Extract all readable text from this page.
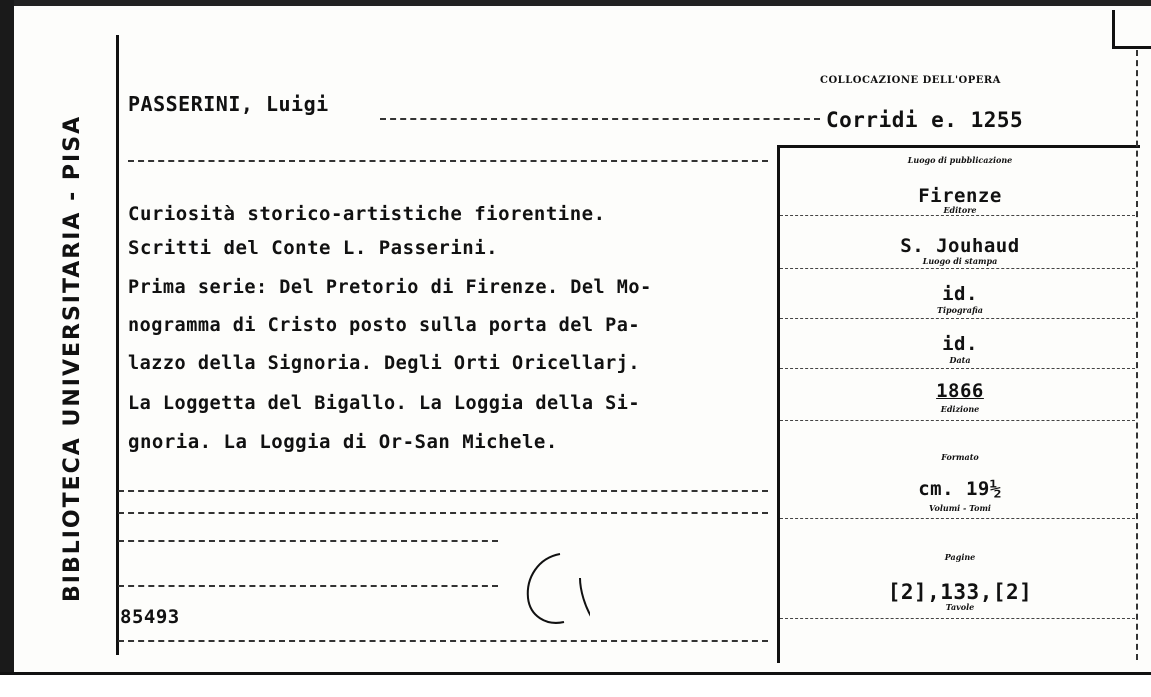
BIBLIOTECA UNIVERSITARIA - PISA
PASSERINI, Luigi
COLLOCAZIONE DELL'OPERA
Corridi e. 1255
Curiosità storico-artistiche fiorentine.
Scritti del Conte L. Passerini.
Prima serie: Del Pretorio di Firenze. Del Mo-
nogramma di Cristo posto sulla porta del Pa-
lazzo della Signoria. Degli Orti Oricellarj.
La Loggetta del Bigallo. La Loggia della Si-
gnoria. La Loggia di Or-San Michele.
85493
Luogo di pubblicazione
Firenze
Editore
S. Jouhaud
Luogo di stampa
id.
Tipografia
id.
Data
1866
Edizione
Formato
cm. 19½
Volumi - Tomi
Pagine
[2],133,[2]
Tavole
